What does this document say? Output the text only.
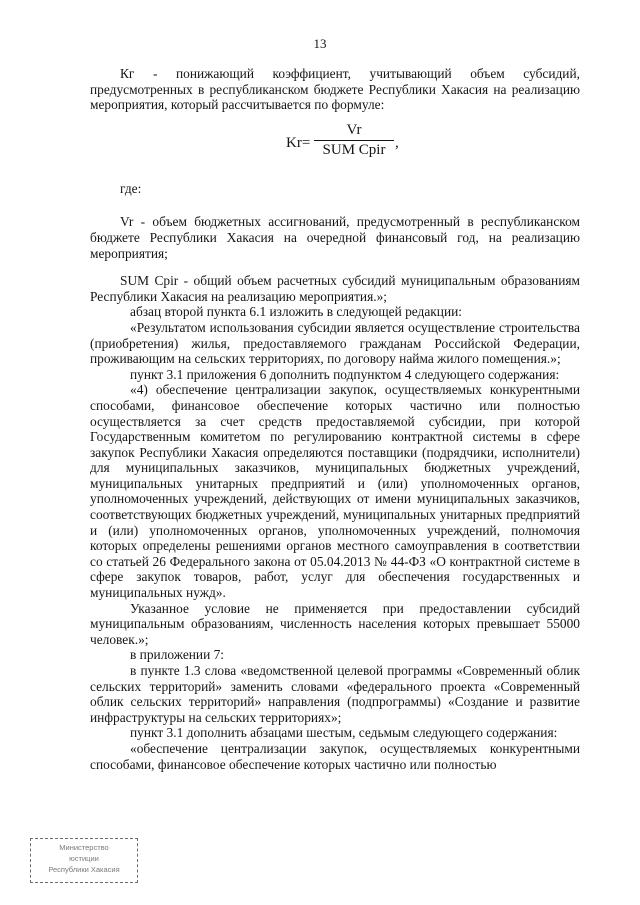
13

Кг - понижающий коэффициент, учитывающий объем субсидий, предусмотренных в республиканском бюджете Республики Хакасия на реализацию мероприятия, который рассчитывается по формуле:

Kr=
Vr
SUM Cpir ,

где:

Vr - объем бюджетных ассигнований, предусмотренный в республиканском бюджете Республики Хакасия на очередной финансовый год, на реализацию мероприятия;

SUM Cpir - общий объем расчетных субсидий муниципальным образованиям Республики Хакасия на реализацию мероприятия.»;

абзац второй пункта 6.1 изложить в следующей редакции:

«Результатом использования субсидии является осуществление строительства (приобретения) жилья, предоставляемого гражданам Российской Федерации, проживающим на сельских территориях, по договору найма жилого помещения.»;

пункт 3.1 приложения 6 дополнить подпунктом 4 следующего содержания:

«4) обеспечение централизации закупок, осуществляемых конкурентными способами, финансовое обеспечение которых частично или полностью осуществляется за счет средств предоставляемой субсидии, при которой Государственным комитетом по регулированию контрактной системы в сфере закупок Республики Хакасия определяются поставщики (подрядчики, исполнители) для муниципальных заказчиков, муниципальных бюджетных учреждений, муниципальных унитарных предприятий и (или) уполномоченных органов, уполномоченных учреждений, действующих от имени муниципальных заказчиков, соответствующих бюджетных учреждений, муниципальных унитарных предприятий и (или) уполномоченных органов, уполномоченных учреждений, полномочия которых определены решениями органов местного самоуправления в соответствии со статьей 26 Федерального закона от 05.04.2013 № 44-ФЗ «О контрактной системе в сфере закупок товаров, работ, услуг для обеспечения государственных и муниципальных нужд».

Указанное условие не применяется при предоставлении субсидий муниципальным образованиям, численность населения которых превышает 55000 человек.»;

в приложении 7:

в пункте 1.3 слова «ведомственной целевой программы «Современный облик сельских территорий» заменить словами «федерального проекта «Современный облик сельских территорий» направления (подпрограммы) «Создание и развитие инфраструктуры на сельских территориях»;

пункт 3.1 дополнить абзацами шестым, седьмым следующего содержания:

«обеспечение централизации закупок, осуществляемых конкурентными способами, финансовое обеспечение которых частично или полностью

Министерство
юстиции
Республики Хакасия
